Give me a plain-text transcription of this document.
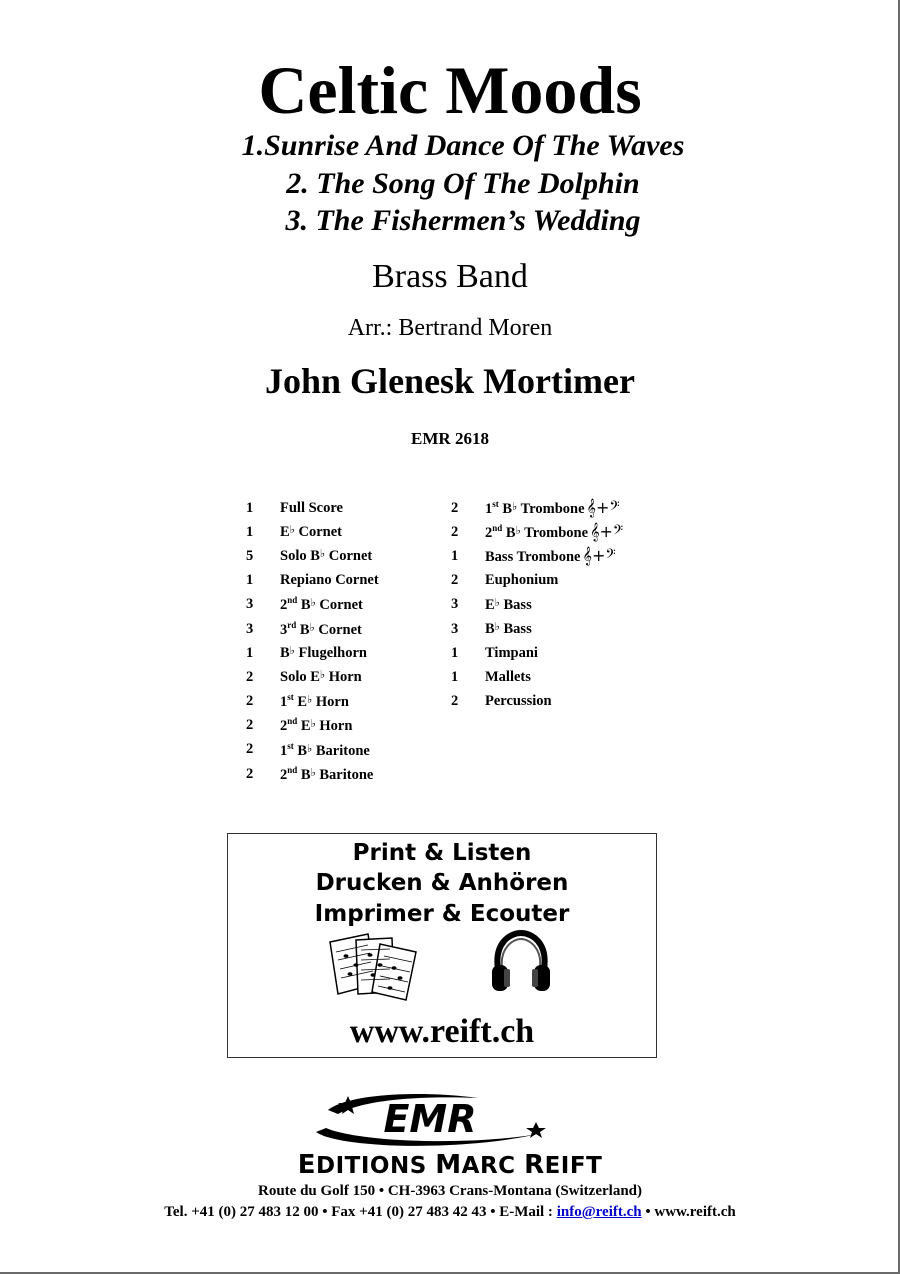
Celtic Moods
1.Sunrise And Dance Of The Waves
2. The Song Of The Dolphin
3. The Fishermen’s Wedding
Brass Band
Arr.: Bertrand Moren
John Glenesk Mortimer
EMR 2618
1	Full Score
1	E♭ Cornet
5	Solo B♭ Cornet
1	Repiano Cornet
3	2nd B♭ Cornet
3	3rd B♭ Cornet
1	B♭ Flugelhorn
2	Solo E♭ Horn
2	1st E♭ Horn
2	2nd E♭ Horn
2	1st B♭ Baritone
2	2nd B♭ Baritone
2	1st B♭ Trombone 𝄞+𝄢
2	2nd B♭ Trombone 𝄞+𝄢
1	Bass Trombone 𝄞+𝄢
2	Euphonium
3	E♭ Bass
3	B♭ Bass
1	Timpani
1	Mallets
2	Percussion
Print & Listen
Drucken & Anhören
Imprimer & Ecouter
www.reift.ch
EMR
EDITIONS MARC REIFT
Route du Golf 150 • CH-3963 Crans-Montana (Switzerland)
Tel. +41 (0) 27 483 12 00 • Fax +41 (0) 27 483 42 43 • E-Mail : info@reift.ch • www.reift.ch
